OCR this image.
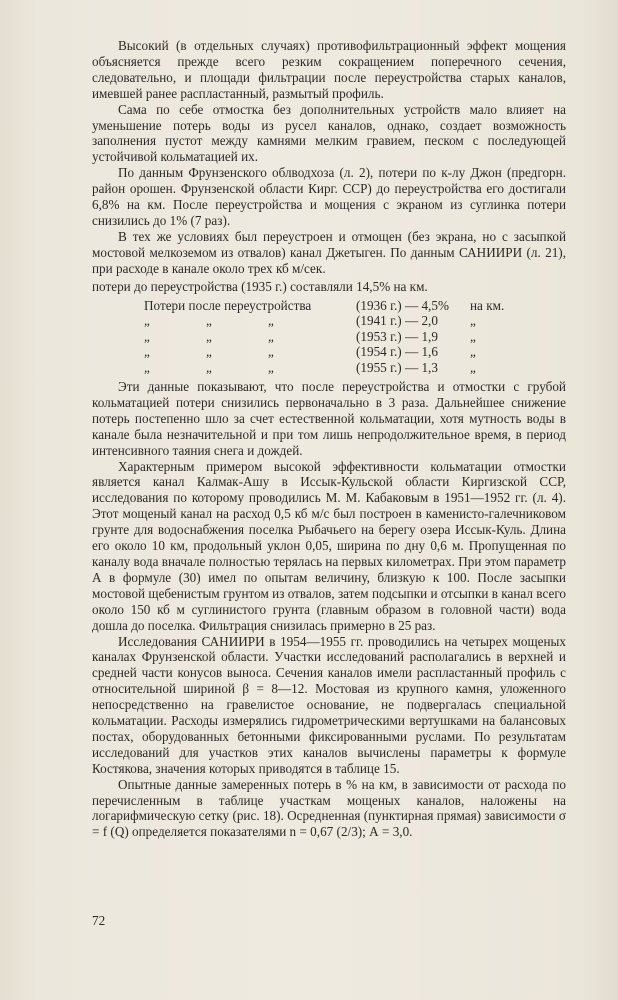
Высокий (в отдельных случаях) противофильтрационный эффект мощения объясняется прежде всего резким сокращением поперечного сечения, следовательно, и площади фильтрации после переустройства старых каналов, имевшей ранее распластанный, размытый профиль.

Сама по себе отмостка без дополнительных устройств мало влияет на уменьшение потерь воды из русел каналов, однако, создает возможность заполнения пустот между камнями мелким гравием, песком с последующей устойчивой кольматацией их.

По данным Фрунзенского облводхоза (л. 2), потери по к-лу Джон (предгорн. район орошен. Фрунзенской области Кирг. ССР) до переустройства его достигали 6,8% на км. После переустройства и мощения с экраном из суглинка потери снизились до 1% (7 раз).

В тех же условиях был переустроен и отмощен (без экрана, но с засыпкой мостовой мелкоземом из отвалов) канал Джетыген. По данным САНИИРИ (л. 21), при расходе в канале около трех кб м/сек.

потери до переустройства (1935 г.) составляли 14,5% на км.

Потери после переустройства	(1936 г.) — 4,5%	на км.
„ „ „	(1941 г.) — 2,0	„
„ „ „	(1953 г.) — 1,9	„
„ „ „	(1954 г.) — 1,6	„
„ „ „	(1955 г.) — 1,3	„

Эти данные показывают, что после переустройства и отмостки с грубой кольматацией потери снизились первоначально в 3 раза. Дальнейшее снижение потерь постепенно шло за счет естественной кольматации, хотя мутность воды в канале была незначительной и при том лишь непродолжительное время, в период интенсивного таяния снега и дождей.

Характерным примером высокой эффективности кольматации отмостки является канал Калмак-Ашу в Иссык-Кульской области Киргизской ССР, исследования по которому проводились М. М. Кабаковым в 1951—1952 гг. (л. 4). Этот мощеный канал на расход 0,5 кб м/с был построен в каменисто-галечниковом грунте для водоснабжения поселка Рыбачьего на берегу озера Иссык-Куль. Длина его около 10 км, продольный уклон 0,05, ширина по дну 0,6 м. Пропущенная по каналу вода вначале полностью терялась на первых километрах. При этом параметр А в формуле (30) имел по опытам величину, близкую к 100. После засыпки мостовой щебенистым грунтом из отвалов, затем подсыпки и отсыпки в канал всего около 150 кб м суглинистого грунта (главным образом в головной части) вода дошла до поселка. Фильтрация снизилась примерно в 25 раз.

Исследования САНИИРИ в 1954—1955 гг. проводились на четырех мощеных каналах Фрунзенской области. Участки исследований располагались в верхней и средней части конусов выноса. Сечения каналов имели распластанный профиль с относительной шириной β = 8—12. Мостовая из крупного камня, уложенного непосредственно на гравелистое основание, не подвергалась специальной кольматации. Расходы измерялись гидрометрическими вертушками на балансовых постах, оборудованных бетонными фиксированными руслами. По результатам исследований для участков этих каналов вычислены параметры к формуле Костякова, значения которых приводятся в таблице 15.

Опытные данные замеренных потерь в % на км, в зависимости от расхода по перечисленным в таблице участкам мощеных каналов, наложены на логарифмическую сетку (рис. 18). Осредненная (пунктирная прямая) зависимости σ = f (Q) определяется показателями n = 0,67 (2/3); А = 3,0.

72
